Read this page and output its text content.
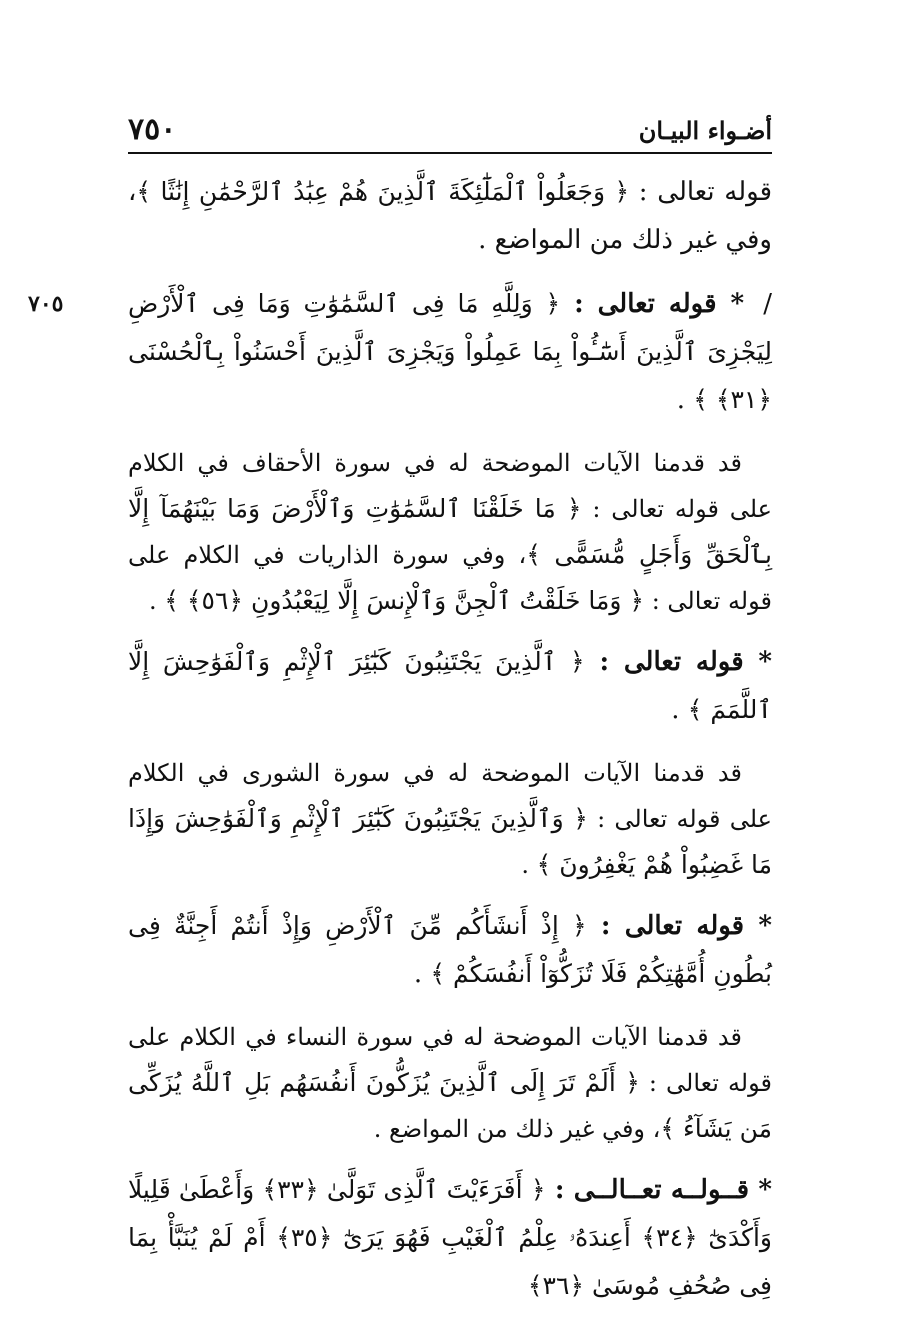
٧٥٠	أضـواء البيـان

قوله تعالى : ﴿ وَجَعَلُواْ ٱلْمَلَٰٓئِكَةَ ٱلَّذِينَ هُمْ عِبَٰدُ ٱلرَّحْمَٰنِ إِنَٰثًا ﴾، وفي غير ذلك من المواضع .

٧٠٥	/ * قوله تعالى : ﴿ وَلِلَّهِ مَا فِى ٱلسَّمَٰوَٰتِ وَمَا فِى ٱلْأَرْضِ لِيَجْزِىَ ٱلَّذِينَ أَسَٰٓـُٔواْ بِمَا عَمِلُواْ وَيَجْزِىَ ٱلَّذِينَ أَحْسَنُواْ بِٱلْحُسْنَى ﴿٣١﴾ ﴾ .

قد قدمنا الآيات الموضحة له في سورة الأحقاف في الكلام على قوله تعالى : ﴿ مَا خَلَقْنَا ٱلسَّمَٰوَٰتِ وَٱلْأَرْضَ وَمَا بَيْنَهُمَآ إِلَّا بِٱلْحَقِّ وَأَجَلٍ مُّسَمًّى ﴾، وفي سورة الذاريات في الكلام على قوله تعالى : ﴿ وَمَا خَلَقْتُ ٱلْجِنَّ وَٱلْإِنسَ إِلَّا لِيَعْبُدُونِ ﴿٥٦﴾ ﴾ .

* قوله تعالى : ﴿ ٱلَّذِينَ يَجْتَنِبُونَ كَبَٰٓئِرَ ٱلْإِثْمِ وَٱلْفَوَٰحِشَ إِلَّا ٱللَّمَمَ ﴾ .

قد قدمنا الآيات الموضحة له في سورة الشورى في الكلام على قوله تعالى : ﴿ وَٱلَّذِينَ يَجْتَنِبُونَ كَبَٰٓئِرَ ٱلْإِثْمِ وَٱلْفَوَٰحِشَ وَإِذَا مَا غَضِبُواْ هُمْ يَغْفِرُونَ ﴾ .

* قوله تعالى : ﴿ إِذْ أَنشَأَكُم مِّنَ ٱلْأَرْضِ وَإِذْ أَنتُمْ أَجِنَّةٌ فِى بُطُونِ أُمَّهَٰتِكُمْ فَلَا تُزَكُّوٓاْ أَنفُسَكُمْ ﴾ .

قد قدمنا الآيات الموضحة له في سورة النساء في الكلام على قوله تعالى : ﴿ أَلَمْ تَرَ إِلَى ٱلَّذِينَ يُزَكُّونَ أَنفُسَهُم بَلِ ٱللَّهُ يُزَكِّى مَن يَشَآءُ ﴾، وفي غير ذلك من المواضع .

* قــولــه تعــالــى : ﴿ أَفَرَءَيْتَ ٱلَّذِى تَوَلَّىٰ ﴿٣٣﴾ وَأَعْطَىٰ قَلِيلًا وَأَكْدَىٰٓ ﴿٣٤﴾ أَعِندَهُۥ عِلْمُ ٱلْغَيْبِ فَهُوَ يَرَىٰٓ ﴿٣٥﴾ أَمْ لَمْ يُنَبَّأْ بِمَا فِى صُحُفِ مُوسَىٰ ﴿٣٦﴾
